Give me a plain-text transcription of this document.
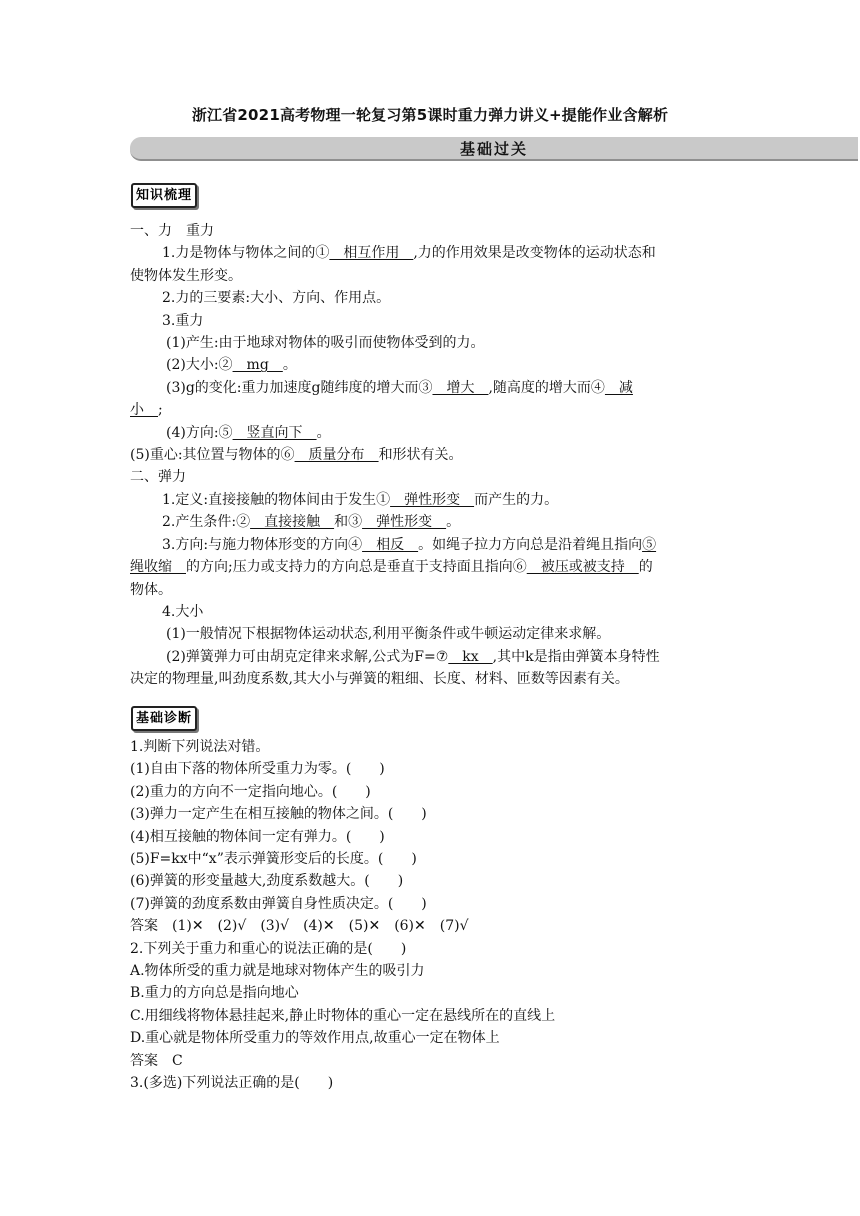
浙江省2021高考物理一轮复习第5课时重力弹力讲义+提能作业含解析
基础过关
知识梳理
一、力　重力
1.力是物体与物体之间的①　相互作用　,力的作用效果是改变物体的运动状态和
使物体发生形变。
2.力的三要素:大小、方向、作用点。
3.重力
(1)产生:由于地球对物体的吸引而使物体受到的力。
(2)大小:②　mg　。
(3)g的变化:重力加速度g随纬度的增大而③　增大　,随高度的增大而④　减
小　;
(4)方向:⑤　竖直向下　。
(5)重心:其位置与物体的⑥　质量分布　和形状有关。
二、弹力
1.定义:直接接触的物体间由于发生①　弹性形变　而产生的力。
2.产生条件:②　直接接触　和③　弹性形变　。
3.方向:与施力物体形变的方向④　相反　。如绳子拉力方向总是沿着绳且指向⑤
绳收缩　的方向;压力或支持力的方向总是垂直于支持面且指向⑥　被压或被支持　的
物体。
4.大小
(1)一般情况下根据物体运动状态,利用平衡条件或牛顿运动定律来求解。
(2)弹簧弹力可由胡克定律来求解,公式为F=⑦　kx　,其中k是指由弹簧本身特性
决定的物理量,叫劲度系数,其大小与弹簧的粗细、长度、材料、匝数等因素有关。
基础诊断
1.判断下列说法对错。
(1)自由下落的物体所受重力为零。(　　)
(2)重力的方向不一定指向地心。(　　)
(3)弹力一定产生在相互接触的物体之间。(　　)
(4)相互接触的物体间一定有弹力。(　　)
(5)F=kx中“x”表示弹簧形变后的长度。(　　)
(6)弹簧的形变量越大,劲度系数越大。(　　)
(7)弹簧的劲度系数由弹簧自身性质决定。(　　)
答案　(1)✕　(2)√　(3)√　(4)✕　(5)✕　(6)✕　(7)√
2.下列关于重力和重心的说法正确的是(　　)
A.物体所受的重力就是地球对物体产生的吸引力
B.重力的方向总是指向地心
C.用细线将物体悬挂起来,静止时物体的重心一定在悬线所在的直线上
D.重心就是物体所受重力的等效作用点,故重心一定在物体上
答案　C
3.(多选)下列说法正确的是(　　)
